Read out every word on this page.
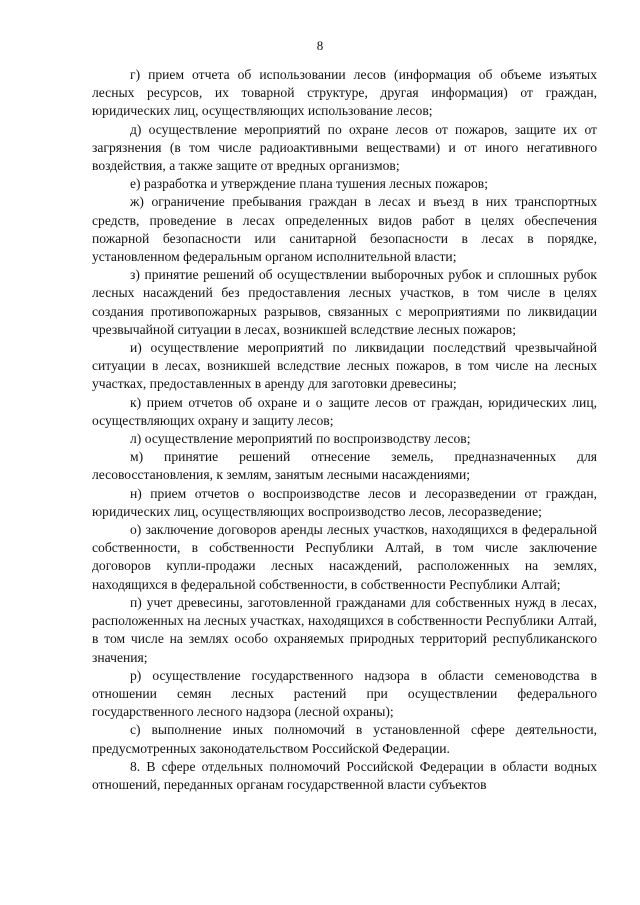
8

г) прием отчета об использовании лесов (информация об объеме изъятых лесных ресурсов, их товарной структуре, другая информация) от граждан, юридических лиц, осуществляющих использование лесов;

д) осуществление мероприятий по охране лесов от пожаров, защите их от загрязнения (в том числе радиоактивными веществами) и от иного негативного воздействия, а также защите от вредных организмов;

е) разработка и утверждение плана тушения лесных пожаров;

ж) ограничение пребывания граждан в лесах и въезд в них транспортных средств, проведение в лесах определенных видов работ в целях обеспечения пожарной безопасности или санитарной безопасности в лесах в порядке, установленном федеральным органом исполнительной власти;

з) принятие решений об осуществлении выборочных рубок и сплошных рубок лесных насаждений без предоставления лесных участков, в том числе в целях создания противопожарных разрывов, связанных с мероприятиями по ликвидации чрезвычайной ситуации в лесах, возникшей вследствие лесных пожаров;

и) осуществление мероприятий по ликвидации последствий чрезвычайной ситуации в лесах, возникшей вследствие лесных пожаров, в том числе на лесных участках, предоставленных в аренду для заготовки древесины;

к) прием отчетов об охране и о защите лесов от граждан, юридических лиц, осуществляющих охрану и защиту лесов;

л) осуществление мероприятий по воспроизводству лесов;

м) принятие решений отнесение земель, предназначенных для лесовосстановления, к землям, занятым лесными насаждениями;

н) прием отчетов о воспроизводстве лесов и лесоразведении от граждан, юридических лиц, осуществляющих воспроизводство лесов, лесоразведение;

о) заключение договоров аренды лесных участков, находящихся в федеральной собственности, в собственности Республики Алтай, в том числе заключение договоров купли-продажи лесных насаждений, расположенных на землях, находящихся в федеральной собственности, в собственности Республики Алтай;

п) учет древесины, заготовленной гражданами для собственных нужд в лесах, расположенных на лесных участках, находящихся в собственности Республики Алтай, в том числе на землях особо охраняемых природных территорий республиканского значения;

р) осуществление государственного надзора в области семеноводства в отношении семян лесных растений при осуществлении федерального государственного лесного надзора (лесной охраны);

с) выполнение иных полномочий в установленной сфере деятельности, предусмотренных законодательством Российской Федерации.

8. В сфере отдельных полномочий Российской Федерации в области водных отношений, переданных органам государственной власти субъектов
